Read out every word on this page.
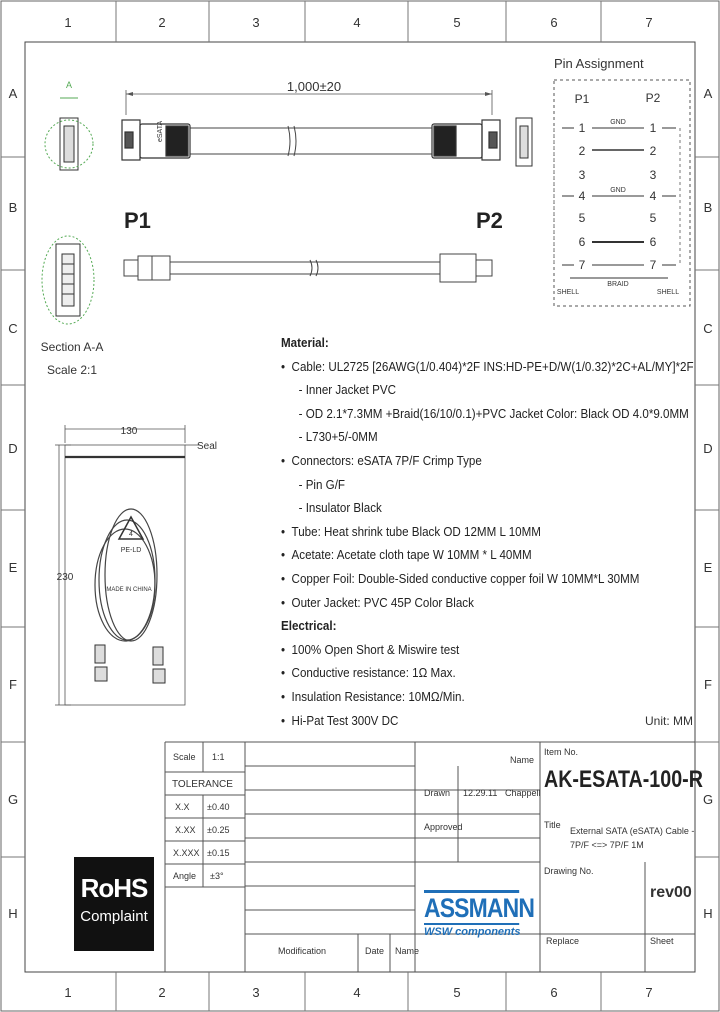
1	2	3	4	5	6	7
1	2	3	4	5	6	7
A
B
C
D
E
F
G
H
A
B
C
D
E
F
G
H
1,000±20
eSATA
A
P1	P2
Section A-A
Scale 2:1
Pin Assignment
P1	P2
1	1
2	2
3	3
4	4
5	5
6	6
7	7
GND
GND
BRAID
SHELL	SHELL
130
230
Seal
4
PE-LD
MADE IN CHINA
Material:
• Cable: UL2725 [26AWG(1/0.404)*2F INS:HD-PE+D/W(1/0.32)*2C+AL/MY]*2F
- Inner Jacket PVC
- OD 2.1*7.3MM +Braid(16/10/0.1)+PVC Jacket Color: Black OD 4.0*9.0MM
- L730+5/-0MM
• Connectors: eSATA 7P/F Crimp Type
- Pin G/F
- Insulator Black
• Tube: Heat shrink tube Black OD 12MM L 10MM
• Acetate: Acetate cloth tape W 10MM * L 40MM
• Copper Foil: Double-Sided conductive copper foil W 10MM*L 30MM
• Outer Jacket: PVC 45P Color Black
Electrical:
• 100% Open Short & Miswire test
• Conductive resistance: 1Ω Max.
• Insulation Resistance: 10MΩ/Min.
• Hi-Pat Test 300V DC	Unit: MM
Scale 1:1
TOLERANCE
X.X ±0.40
X.XX ±0.25
X.XXX ±0.15
Angle ±3°
Name
Drawn 12.29.11 Chappell
Approved
Item No.
AK-ESATA-100-R
Title
External SATA (eSATA) Cable -
7P/F <=> 7P/F 1M
Drawing No.
rev00
Modification	Date Name
Replace	Sheet
RoHS
Complaint	ASSMANN
WSW components
